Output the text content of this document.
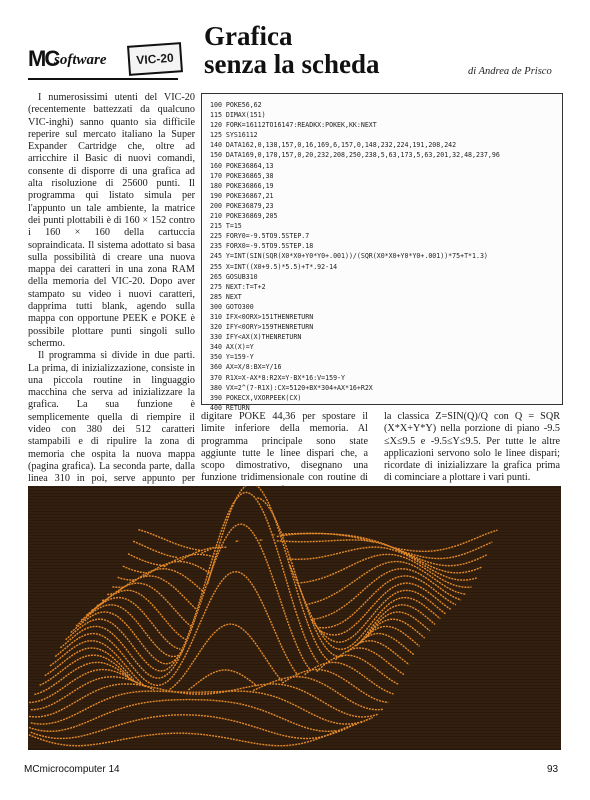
MC
software	VIC-20
Grafica
senza la scheda	di Andrea de Prisco

I numerosissimi utenti del VIC-20 (recentemente battezzati da qualcuno VIC-inghi) sanno quanto sia difficile reperire sul mercato italiano la Super Expander Cartridge che, oltre ad arricchire il Basic di nuovi comandi, consente di disporre di una grafica ad alta risoluzione di 25600 punti. Il programma qui listato simula per l'appunto un tale ambiente, la matrice dei punti plottabili è di 160 × 152 contro i 160 × 160 della cartuccia sopraindicata. Il sistema adottato si basa sulla possibilità di creare una nuova mappa dei caratteri in una zona RAM della memoria del VIC-20. Dopo aver stampato su video i nuovi caratteri, dapprima tutti blank, agendo sulla mappa con opportune PEEK e POKE è possibile plottare punti singoli sullo schermo.

Il programma si divide in due parti. La prima, di inizializzazione, consiste in una piccola routine in linguaggio macchina che serva ad inizializzare la grafica. La sua funzione è semplicemente quella di riempire il video con 380 dei 512 caratteri stampabili e di ripulire la zona di memoria che ospita la nuova mappa (pagina grafica). La seconda parte, dalla linea 310 in poi, serve appunto per

100 POKE56,62
115 DIMAX(151)
120 FORK=16112TO16147:READKX:POKEK,KK:NEXT
125 SYS16112
140 DATA162,0,138,157,0,16,169,6,157,0,148,232,224,191,208,242
150 DATA169,0,178,157,0,20,232,208,250,238,5,63,173,5,63,201,32,48,237,96
160 POKE36864,13
170 POKE36865,38
180 POKE36866,19
190 POKE36867,21
200 POKE36879,23
210 POKE36869,205
215 T=15
225 FORY0=-9.5TO9.5STEP.7
235 FORX0=-9.5TO9.5STEP.18
245 Y=INT(SIN(SQR(X0*X0+Y0*Y0+.001))/(SQR(X0*X0+Y0*Y0+.001))*75+T*1.3)
255 X=INT((X0+9.5)*5.5)+T*.92-14
265 GOSUB310
275 NEXT:T=T+2
285 NEXT
300 GOTO300
310 IFX<0ORX>151THENRETURN
320 IFY<0ORY>159THENRETURN
330 IFY<AX(X)THENRETURN
340 AX(X)=Y
350 Y=159-Y
360 AX=X/8:BX=Y/16
370 R1X=X-AX*8:R2X=Y-BX*16:V=159-Y
380 VX=2^(7-R1X):CX=5120+BX*304+AX*16+R2X
390 POKECX,VXORPEEK(CX)
400 RETURN

digitare POKE 44,36 per spostare il limite inferiore della memoria. Al programma principale sono state aggiunte tutte le linee dispari che, a scopo dimostrativo, disegnano una funzione tridimensionale con routine di

la classica Z=SIN(Q)/Q con Q = SQR (X*X+Y*Y) nella porzione di piano -9.5 ≤X≤9.5 e -9.5≤Y≤9.5. Per tutte le altre applicazioni servono solo le linee dispari; ricordate di inizializzare la grafica prima di cominciare a plottare i vari punti.

MCmicrocomputer 14	93
